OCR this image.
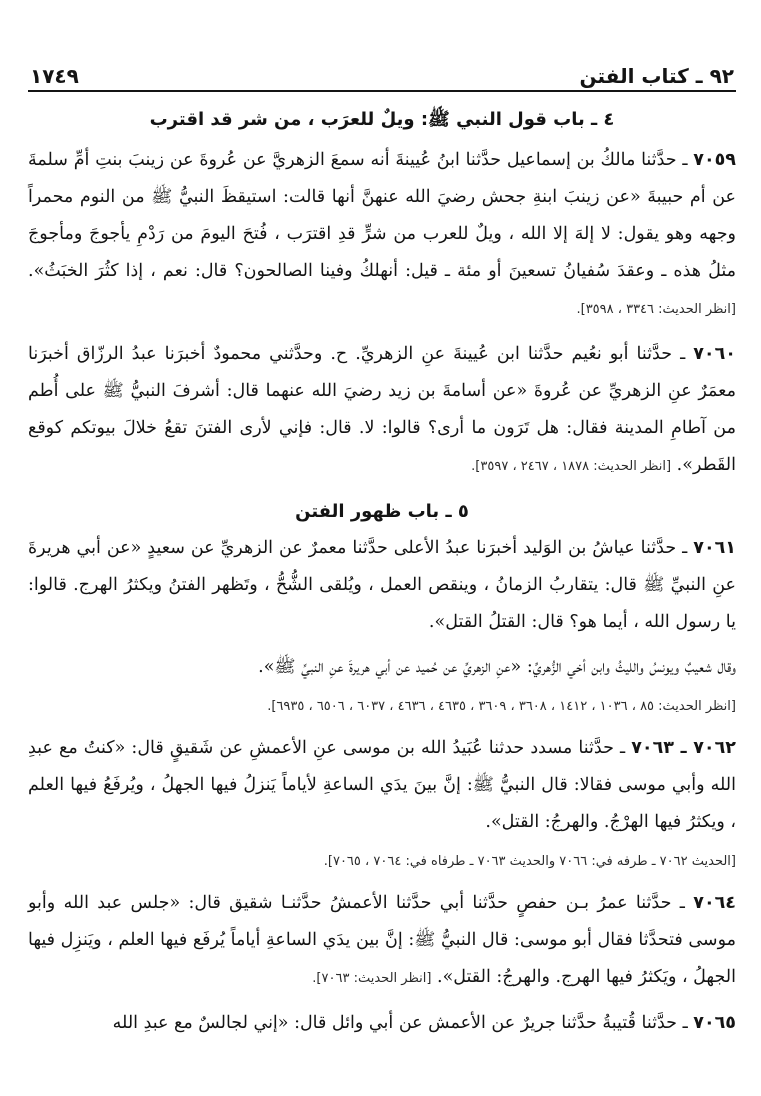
٩٢ ـ كتاب الفتن
١٧٤٩
٤ ـ باب قول النبي ﷺ: ويلٌ للعرَب ، من شر قد اقترب

٧٠٥٩ ـ حدَّثنا مالكُ بن إسماعيل حدَّثنا ابنُ عُيينةَ أنه سمعَ الزهريَّ عن عُروةَ عن زينبَ بنتِ أمِّ سلمةَ عن أم حبيبةَ «عن زينبَ ابنةِ جحش رضيَ الله عنهنَّ أنها قالت: استيقظَ النبيُّ ﷺ من النوم محمراً وجهه وهو يقول: لا إلهَ إلا الله ، ويلٌ للعرب من شرٍّ قدِ اقترَب ، فُتحَ اليومَ من رَدْمِ يأجوجَ ومأجوجَ مثلُ هذه ـ وعقدَ سُفيانُ تسعينَ أو مئة ـ قيل: أنهلكُ وفينا الصالحون؟ قال: نعم ، إذا كثُرَ الخبَثُ». [انظر الحديث: ٣٣٤٦ ، ٣٥٩٨].

٧٠٦٠ ـ حدَّثنا أبو نعُيم حدَّثنا ابن عُيينةَ عنِ الزهريِّ. ح. وحدَّثني محمودٌ أخبرَنا عبدُ الرزّاق أخبرَنا معمَرٌ عنِ الزهريِّ عن عُروةَ «عن أسامةَ بن زيد رضيَ الله عنهما قال: أشرفَ النبيُّ ﷺ على أُطم من آطامِ المدينة فقال: هل تَرَون ما أرى؟ قالوا: لا. قال: فإني لأرى الفتنَ تقعُ خلالَ بيوتكم كوقع القَطر». [انظر الحديث: ١٨٧٨ ، ٢٤٦٧ ، ٣٥٩٧].

٥ ـ باب ظهور الفتن

٧٠٦١ ـ حدَّثنا عياشُ بن الوَليد أخبرَنا عبدُ الأعلى حدَّثنا معمرٌ عن الزهريِّ عن سعيدٍ «عن أبي هريرةَ عنِ النبيِّ ﷺ قال: يتقاربُ الزمانُ ، وينقص العمل ، ويُلقى الشُّحُّ ، وتَظهر الفتنُ ويكثرُ الهرج. قالوا: يا رسول الله ، أيما هو؟ قال: القتلُ القتل».

وقال شعيبٌ ويونسُ والليثُ وابن أخي الزُّهريِّ: «عنِ الزهريِّ عن حُميد عن أبي هريرةَ عنِ النبيِّ ﷺ».

[انظر الحديث: ٨٥ ، ١٠٣٦ ، ١٤١٢ ، ٣٦٠٨ ، ٣٦٠٩ ، ٤٦٣٥ ، ٤٦٣٦ ، ٦٠٣٧ ، ٦٥٠٦ ، ٦٩٣٥].

٧٠٦٢ ـ ٧٠٦٣ ـ حدَّثنا مسدد حدثنا عُبَيدُ الله بن موسى عنِ الأعمشِ عن شَقيقٍ قال: «كنتُ مع عبدِ الله وأبي موسى فقالا: قال النبيُّ ﷺ: إنَّ بينَ يدَي الساعةِ لأياماً يَنزلُ فيها الجهلُ ، ويُرفَعُ فيها العلم ، ويكثرُ فيها الهرْجُ. والهرجُ: القتل».

[الحديث ٧٠٦٢ ـ طرفه في: ٧٠٦٦ والحديث ٧٠٦٣ ـ طرفاه في: ٧٠٦٤ ، ٧٠٦٥].

٧٠٦٤ ـ حدَّثنا عمرُ بـن حفصٍ حدَّثنا أبي حدَّثنا الأعمشُ حدَّثنـا شقيق قال: «جلس عبد الله وأبو موسى فتحدَّثا فقال أبو موسى: قال النبيُّ ﷺ: إنَّ بين يدَي الساعةِ أياماً يُرفَع فيها العلم ، ويَنزِل فيها الجهلُ ، ويَكثرُ فيها الهرج. والهرجُ: القتل». [انظر الحديث: ٧٠٦٣].

٧٠٦٥ ـ حدَّثنا قُتيبةُ حدَّثنا جريرٌ عن الأعمش عن أبي وائل قال: «إني لجالسٌ مع عبدِ الله
